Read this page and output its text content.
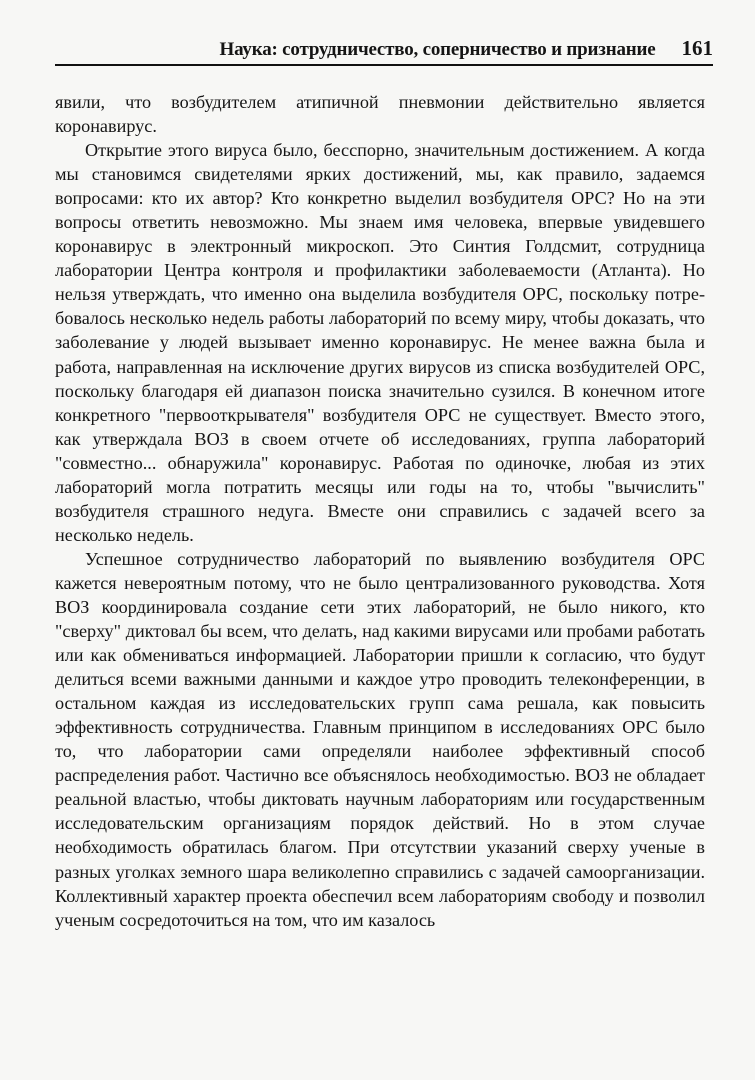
Наука: сотрудничество, соперничество и признание 161

явили, что возбудителем атипичной пневмонии действительно является коронавирус.

Открытие этого вируса было, бесспорно, значительным достижением. А когда мы становимся свидетелями ярких достижений, мы, как правило, задаемся вопросами: кто их автор? Кто конкретно выделил возбудителя ОРС? Но на эти вопросы ответить невозможно. Мы знаем имя человека, впервые увидевшего коронавирус в электронный микроскоп. Это Синтия Голдсмит, сотрудница лаборатории Центра контроля и профилактики заболеваемости (Атланта). Но нельзя утверждать, что именно она выделила возбудителя ОРС, поскольку потребовалось несколько недель работы лабораторий по всему миру, чтобы доказать, что заболевание у людей вызывает именно коронавирус. Не менее важна была и работа, направленная на исключение других вирусов из списка возбудителей ОРС, поскольку благодаря ей диапазон поиска значительно сузился. В конечном итоге конкретного "первооткрывателя" возбудителя ОРС не существует. Вместо этого, как утверждала ВОЗ в своем отчете об исследованиях, группа лабораторий "совместно... обнаружила" коронавирус. Работая по одиночке, любая из этих лабораторий могла потратить месяцы или годы на то, чтобы "вычислить" возбудителя страшного недуга. Вместе они справились с задачей всего за несколько недель.

Успешное сотрудничество лабораторий по выявлению возбудителя ОРС кажется невероятным потому, что не было централизованного руководства. Хотя ВОЗ координировала создание сети этих лабораторий, не было никого, кто "сверху" диктовал бы всем, что делать, над какими вирусами или пробами работать или как обмениваться информацией. Лаборатории пришли к согласию, что будут делиться всеми важными данными и каждое утро проводить телеконференции, в остальном каждая из исследовательских групп сама решала, как повысить эффективность сотрудничества. Главным принципом в исследованиях ОРС было то, что лаборатории сами определяли наиболее эффективный способ распределения работ. Частично все объяснялось необходимостью. ВОЗ не обладает реальной властью, чтобы диктовать научным лабораториям или государственным исследовательским организациям порядок действий. Но в этом случае необходимость обратилась благом. При отсутствии указаний сверху ученые в разных уголках земного шара великолепно справились с задачей самоорганизации. Коллективный характер проекта обеспечил всем лабораториям свободу и позволил ученым сосредоточиться на том, что им казалось
